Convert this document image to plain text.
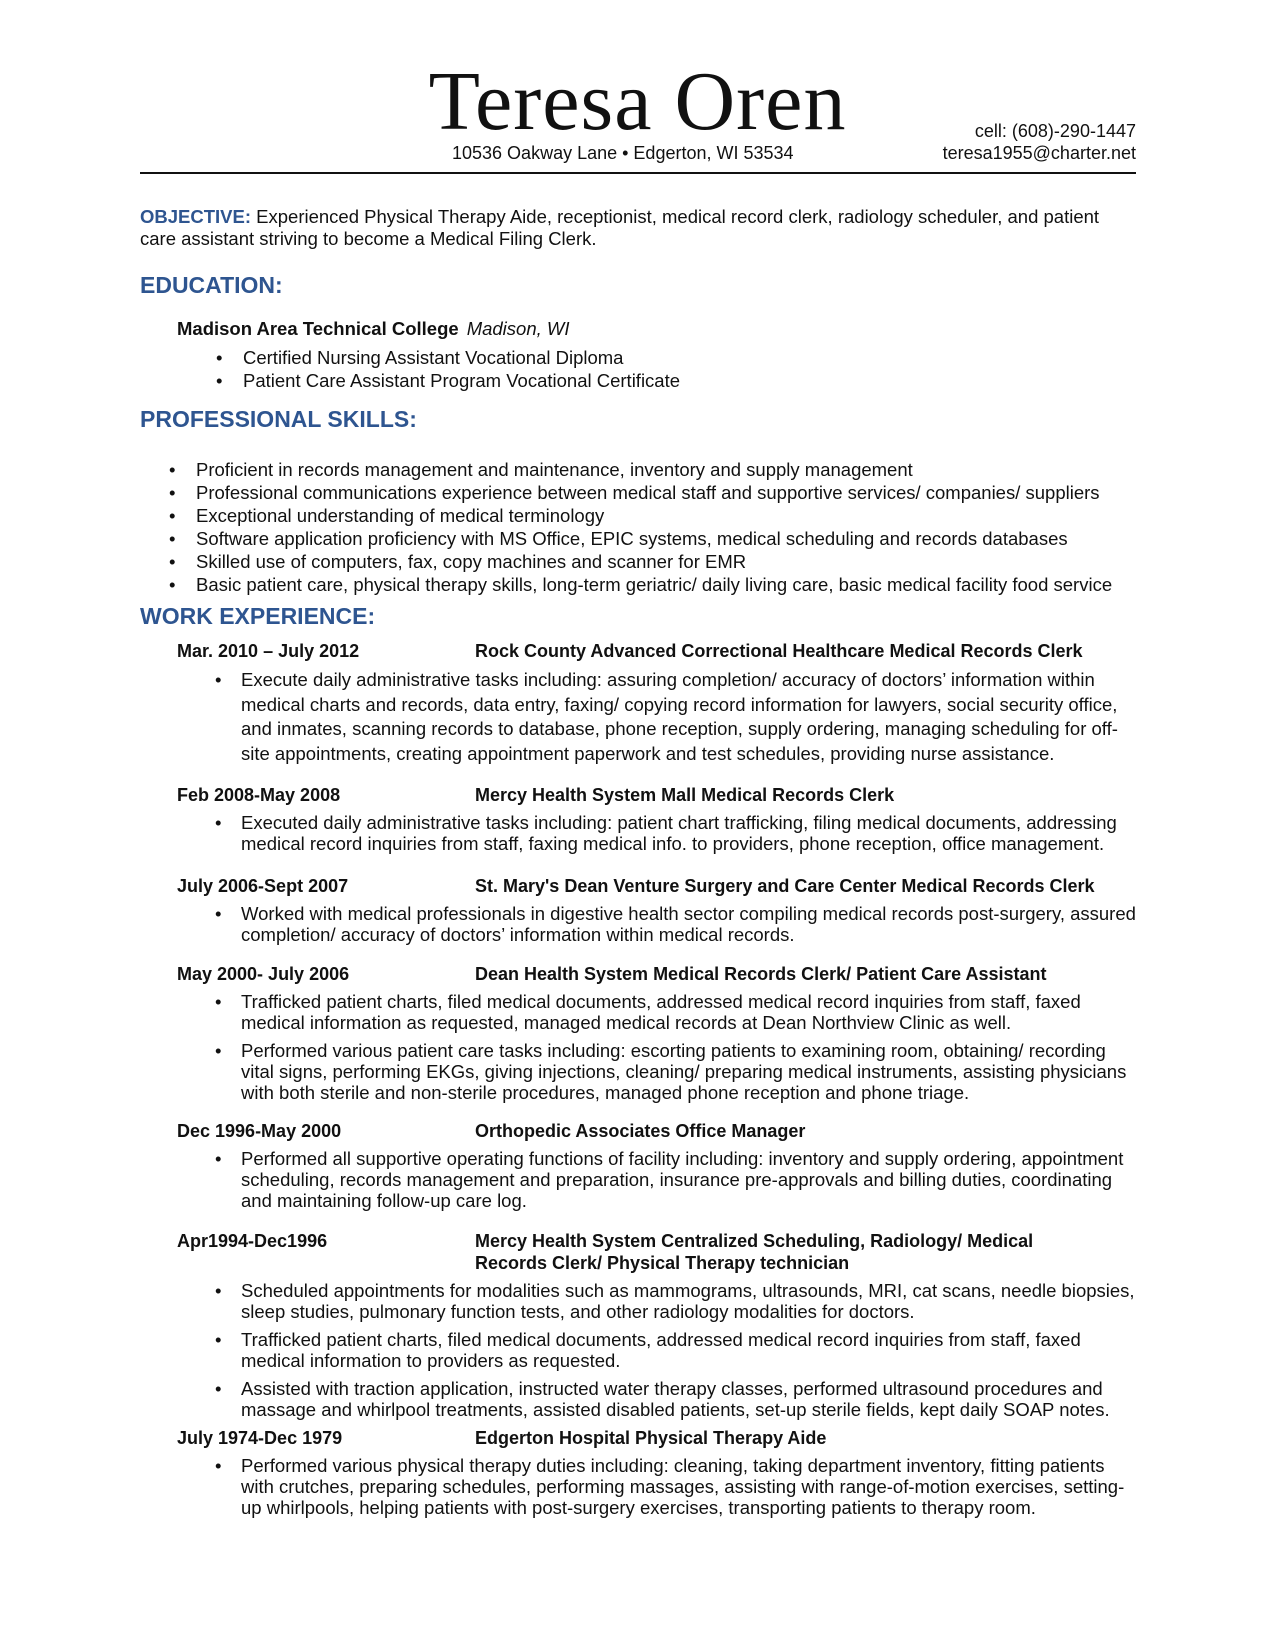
Teresa Oren
10536 Oakway Lane • Edgerton, WI 53534
cell: (608)-290-1447
teresa1955@charter.net
OBJECTIVE: Experienced Physical Therapy Aide, receptionist, medical record clerk, radiology scheduler, and patient care assistant striving to become a Medical Filing Clerk.
EDUCATION:
Madison Area Technical College Madison, WI
• Certified Nursing Assistant Vocational Diploma
• Patient Care Assistant Program Vocational Certificate
PROFESSIONAL SKILLS:
• Proficient in records management and maintenance, inventory and supply management
• Professional communications experience between medical staff and supportive services/ companies/ suppliers
• Exceptional understanding of medical terminology
• Software application proficiency with MS Office, EPIC systems, medical scheduling and records databases
• Skilled use of computers, fax, copy machines and scanner for EMR
• Basic patient care, physical therapy skills, long-term geriatric/ daily living care, basic medical facility food service
WORK EXPERIENCE:
Mar. 2010 – July 2012	Rock County Advanced Correctional Healthcare Medical Records Clerk
• Execute daily administrative tasks including: assuring completion/ accuracy of doctors’ information within medical charts and records, data entry, faxing/ copying record information for lawyers, social security office, and inmates, scanning records to database, phone reception, supply ordering, managing scheduling for off-site appointments, creating appointment paperwork and test schedules, providing nurse assistance.
Feb 2008-May 2008	Mercy Health System Mall Medical Records Clerk
• Executed daily administrative tasks including: patient chart trafficking, filing medical documents, addressing medical record inquiries from staff, faxing medical info. to providers, phone reception, office management.
July 2006-Sept 2007	St. Mary's Dean Venture Surgery and Care Center Medical Records Clerk
• Worked with medical professionals in digestive health sector compiling medical records post-surgery, assured completion/ accuracy of doctors’ information within medical records.
May 2000- July 2006	Dean Health System Medical Records Clerk/ Patient Care Assistant
• Trafficked patient charts, filed medical documents, addressed medical record inquiries from staff, faxed medical information as requested, managed medical records at Dean Northview Clinic as well.
• Performed various patient care tasks including: escorting patients to examining room, obtaining/ recording vital signs, performing EKGs, giving injections, cleaning/ preparing medical instruments, assisting physicians with both sterile and non-sterile procedures, managed phone reception and phone triage.
Dec 1996-May 2000	Orthopedic Associates Office Manager
• Performed all supportive operating functions of facility including: inventory and supply ordering, appointment scheduling, records management and preparation, insurance pre-approvals and billing duties, coordinating and maintaining follow-up care log.
Apr1994-Dec1996	Mercy Health System Centralized Scheduling, Radiology/ Medical Records Clerk/ Physical Therapy technician
• Scheduled appointments for modalities such as mammograms, ultrasounds, MRI, cat scans, needle biopsies, sleep studies, pulmonary function tests, and other radiology modalities for doctors.
• Trafficked patient charts, filed medical documents, addressed medical record inquiries from staff, faxed medical information to providers as requested.
• Assisted with traction application, instructed water therapy classes, performed ultrasound procedures and massage and whirlpool treatments, assisted disabled patients, set-up sterile fields, kept daily SOAP notes.
July 1974-Dec 1979	Edgerton Hospital Physical Therapy Aide
• Performed various physical therapy duties including: cleaning, taking department inventory, fitting patients with crutches, preparing schedules, performing massages, assisting with range-of-motion exercises, setting-up whirlpools, helping patients with post-surgery exercises, transporting patients to therapy room.
